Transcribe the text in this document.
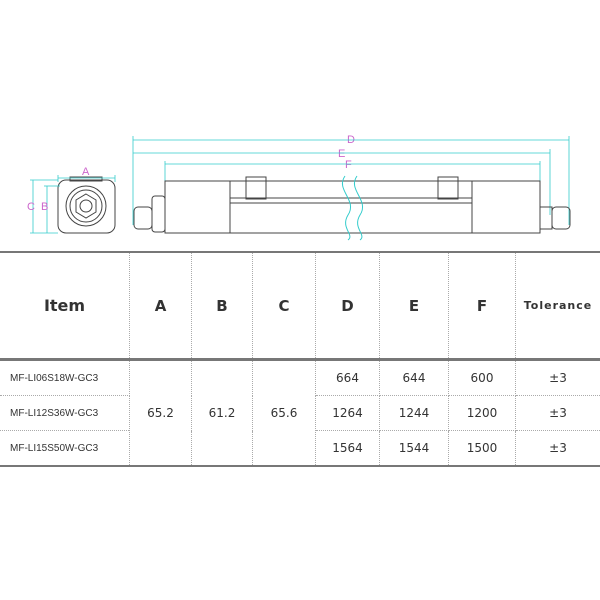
A
C B
D
E
F
Item	A	B	C	D	E	F	Tolerance
MF-LI06S18W-GC3	65.2	61.2	65.6	664	644	600	±3
MF-LI12S36W-GC3				1264	1244	1200	±3
MF-LI15S50W-GC3				1564	1544	1500	±3
